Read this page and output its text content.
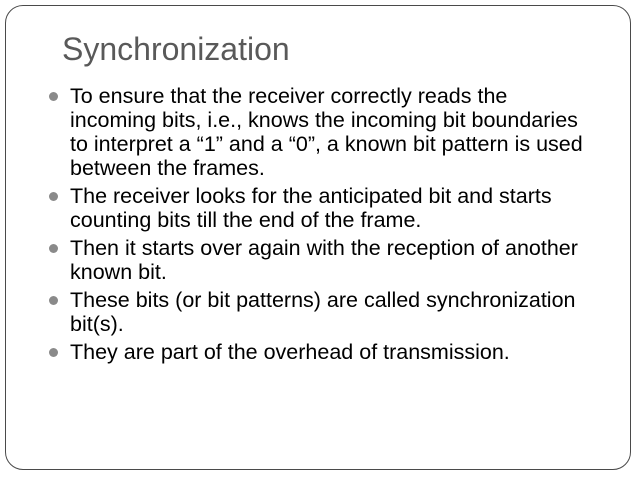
Synchronization
To ensure that the receiver correctly reads the incoming bits, i.e., knows the incoming bit boundaries to interpret a “1” and a “0”, a known bit pattern is used between the frames.
The receiver looks for the anticipated bit and starts counting bits till the end of the frame.
Then it starts over again with the reception of another known bit.
These bits (or bit patterns) are called synchronization bit(s).
They are part of the overhead of transmission.
